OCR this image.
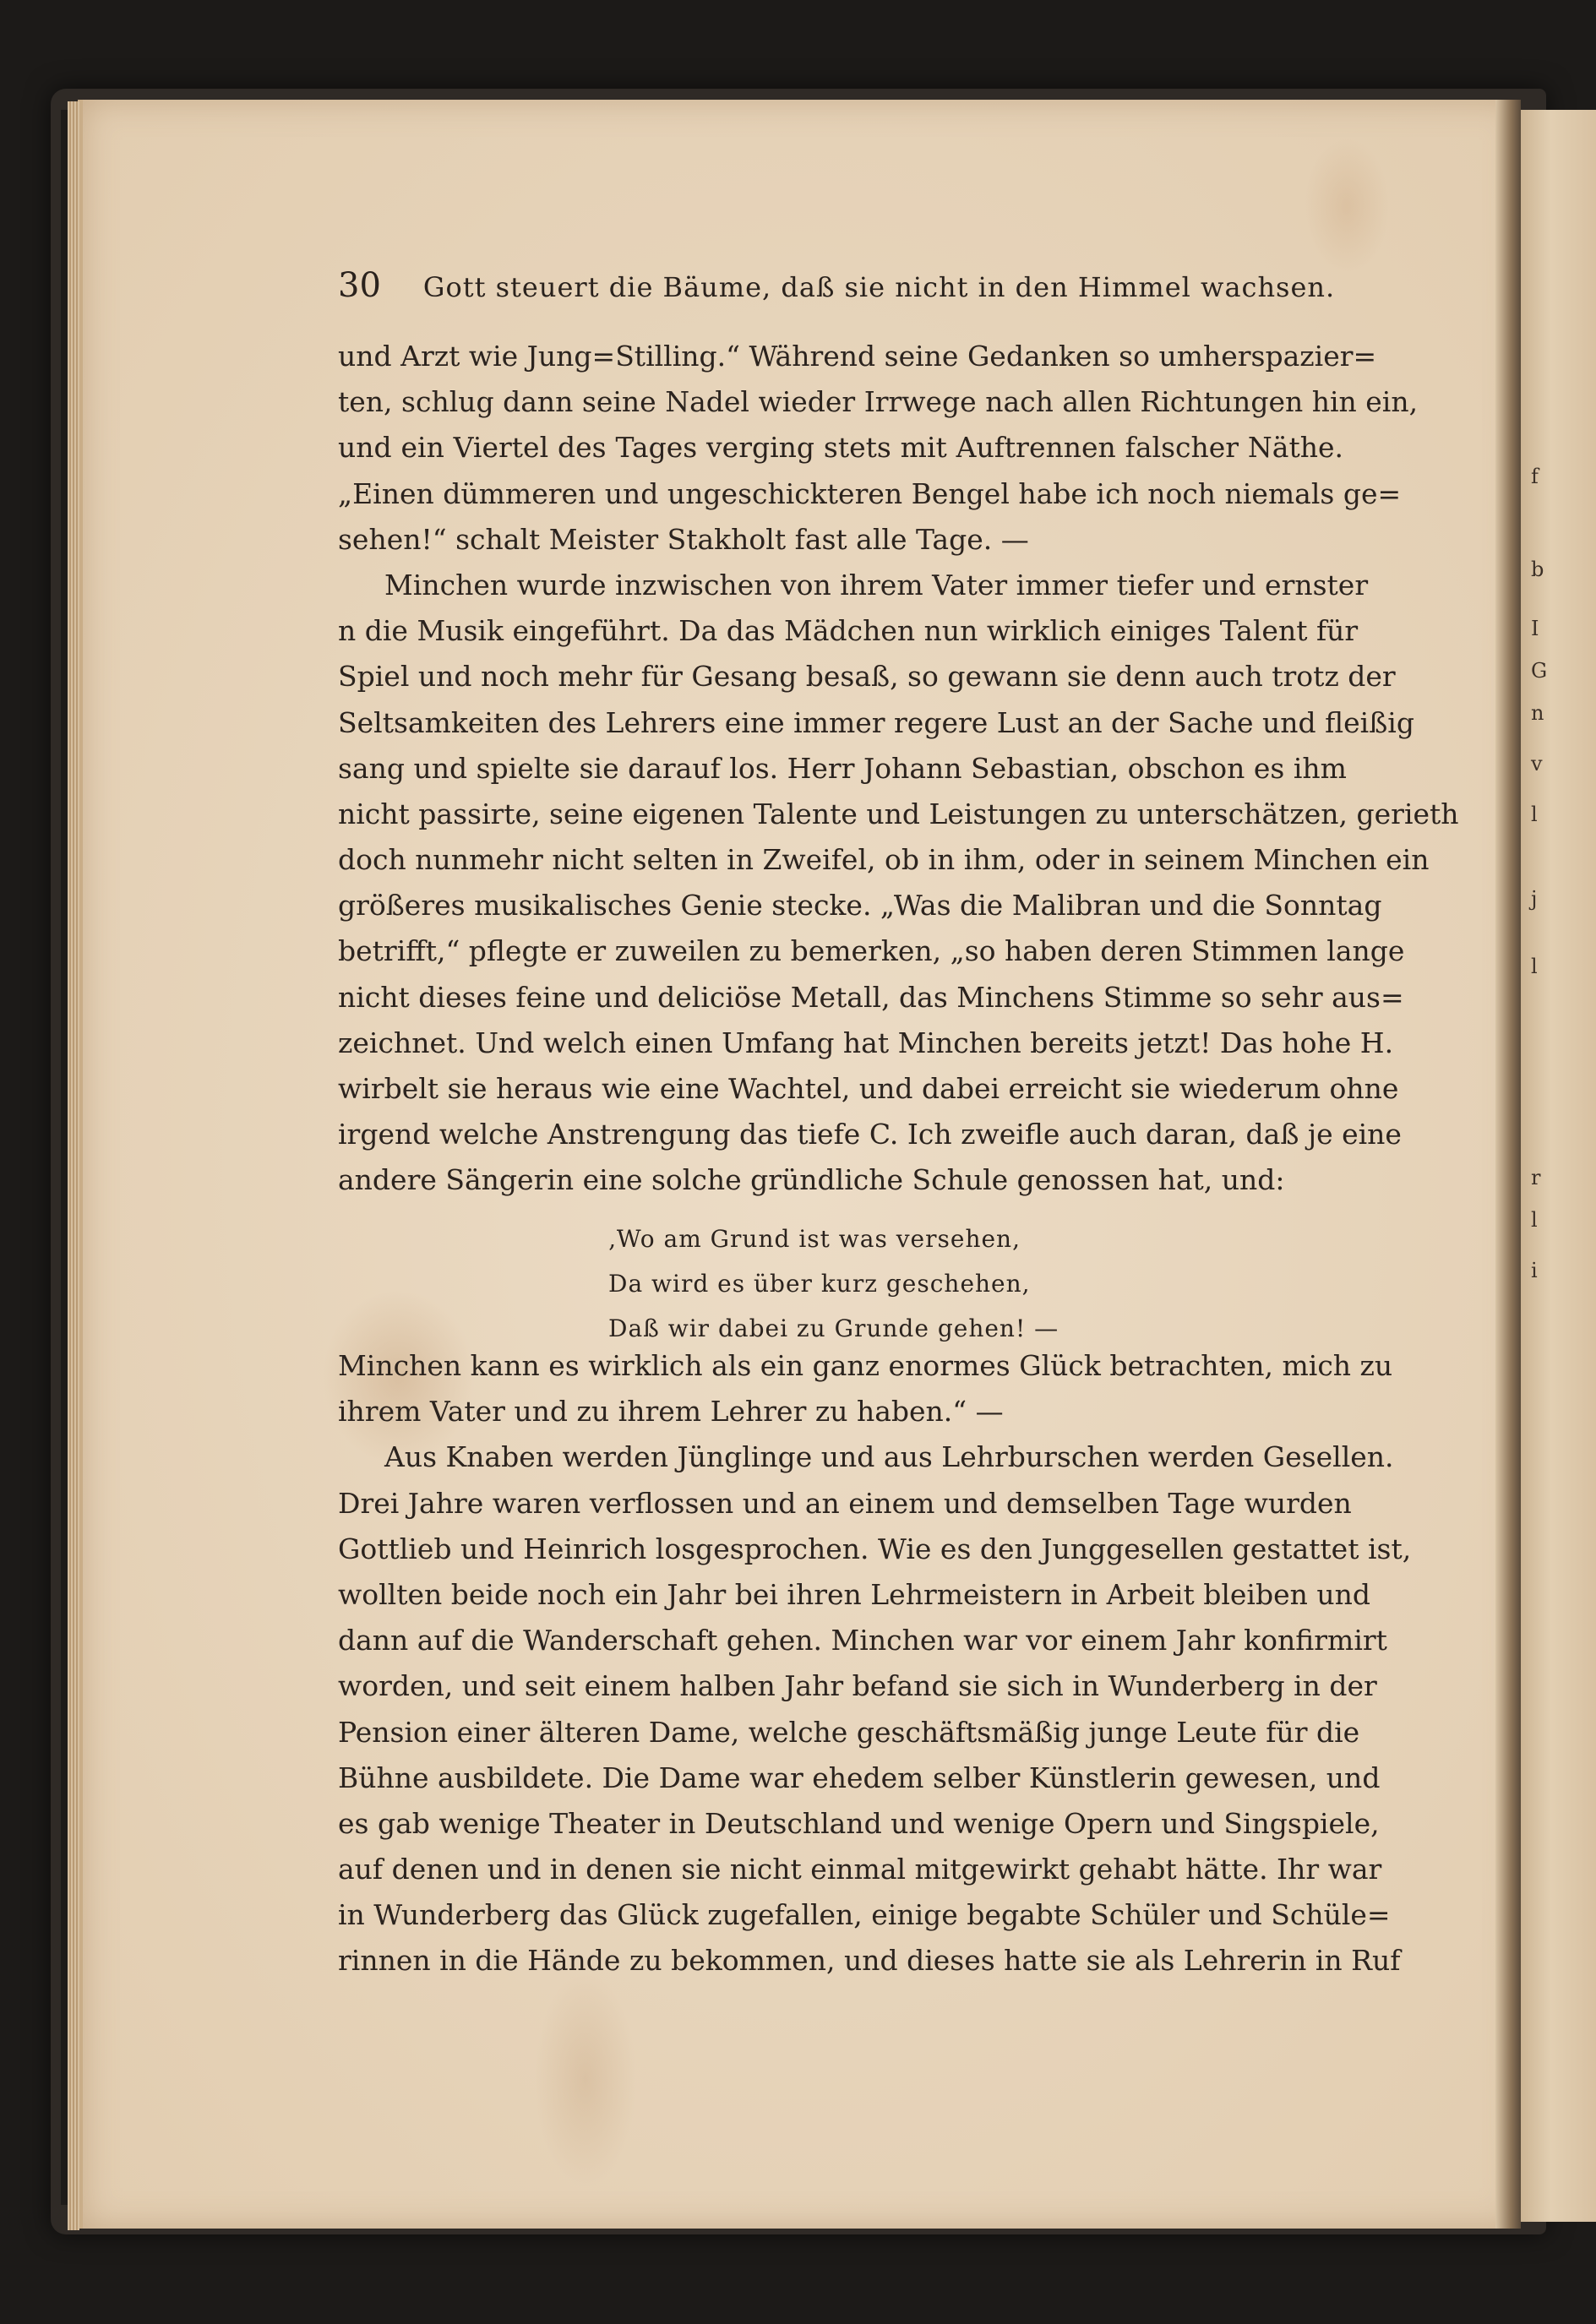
f
b
I
G
n
v
l
j
l
r
l
i
30 Gott steuert die Bäume, daß sie nicht in den Himmel wachsen.
und Arzt wie Jung=Stilling.“ Während seine Gedanken so umherspazier=
ten, schlug dann seine Nadel wieder Irrwege nach allen Richtungen hin ein,
und ein Viertel des Tages verging stets mit Auftrennen falscher Näthe.
„Einen dümmeren und ungeschickteren Bengel habe ich noch niemals ge=
sehen!“ schalt Meister Stakholt fast alle Tage. —
Minchen wurde inzwischen von ihrem Vater immer tiefer und ernster
n die Musik eingeführt. Da das Mädchen nun wirklich einiges Talent für
Spiel und noch mehr für Gesang besaß, so gewann sie denn auch trotz der
Seltsamkeiten des Lehrers eine immer regere Lust an der Sache und fleißig
sang und spielte sie darauf los. Herr Johann Sebastian, obschon es ihm
nicht passirte, seine eigenen Talente und Leistungen zu unterschätzen, gerieth
doch nunmehr nicht selten in Zweifel, ob in ihm, oder in seinem Minchen ein
größeres musikalisches Genie stecke. „Was die Malibran und die Sonntag
betrifft,“ pflegte er zuweilen zu bemerken, „so haben deren Stimmen lange
nicht dieses feine und deliciöse Metall, das Minchens Stimme so sehr aus=
zeichnet. Und welch einen Umfang hat Minchen bereits jetzt! Das hohe H.
wirbelt sie heraus wie eine Wachtel, und dabei erreicht sie wiederum ohne
irgend welche Anstrengung das tiefe C. Ich zweifle auch daran, daß je eine
andere Sängerin eine solche gründliche Schule genossen hat, und:
‚Wo am Grund ist was versehen,
Da wird es über kurz geschehen,
Daß wir dabei zu Grunde gehen! —
Minchen kann es wirklich als ein ganz enormes Glück betrachten, mich zu
ihrem Vater und zu ihrem Lehrer zu haben.“ —
Aus Knaben werden Jünglinge und aus Lehrburschen werden Gesellen.
Drei Jahre waren verflossen und an einem und demselben Tage wurden
Gottlieb und Heinrich losgesprochen. Wie es den Junggesellen gestattet ist,
wollten beide noch ein Jahr bei ihren Lehrmeistern in Arbeit bleiben und
dann auf die Wanderschaft gehen. Minchen war vor einem Jahr konfirmirt
worden, und seit einem halben Jahr befand sie sich in Wunderberg in der
Pension einer älteren Dame, welche geschäftsmäßig junge Leute für die
Bühne ausbildete. Die Dame war ehedem selber Künstlerin gewesen, und
es gab wenige Theater in Deutschland und wenige Opern und Singspiele,
auf denen und in denen sie nicht einmal mitgewirkt gehabt hätte. Ihr war
in Wunderberg das Glück zugefallen, einige begabte Schüler und Schüle=
rinnen in die Hände zu bekommen, und dieses hatte sie als Lehrerin in Ruf
